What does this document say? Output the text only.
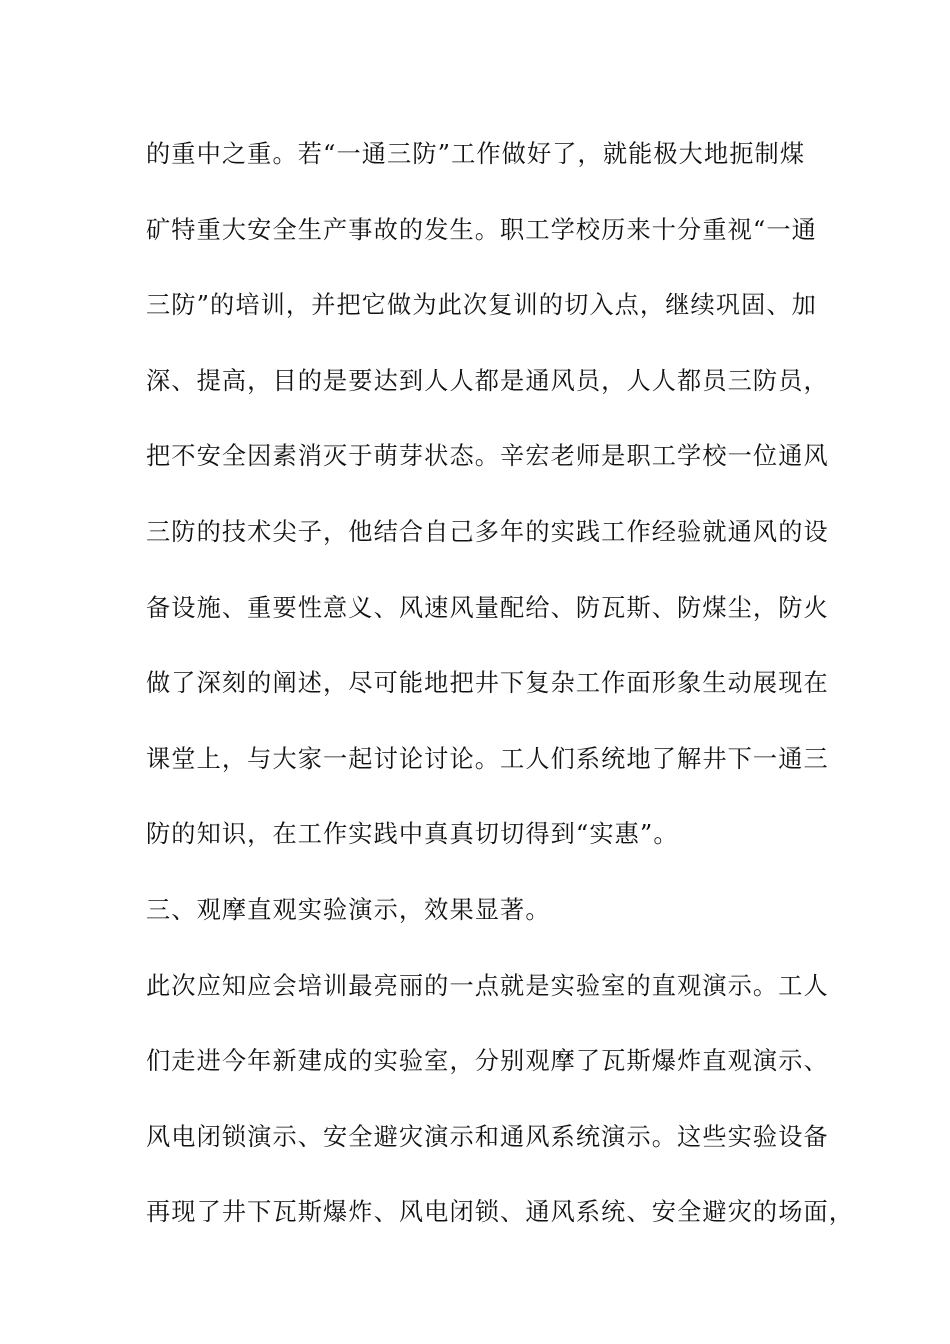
的重中之重。若“一通三防”工作做好了，就能极大地扼制煤
矿特重大安全生产事故的发生。职工学校历来十分重视“一通
三防”的培训，并把它做为此次复训的切入点，继续巩固、加
深、提高，目的是要达到人人都是通风员，人人都员三防员，
把不安全因素消灭于萌芽状态。辛宏老师是职工学校一位通风
三防的技术尖子，他结合自己多年的实践工作经验就通风的设
备设施、重要性意义、风速风量配给、防瓦斯、防煤尘，防火
做了深刻的阐述，尽可能地把井下复杂工作面形象生动展现在
课堂上，与大家一起讨论讨论。工人们系统地了解井下一通三
防的知识，在工作实践中真真切切得到“实惠”。
三、观摩直观实验演示，效果显著。
此次应知应会培训最亮丽的一点就是实验室的直观演示。工人
们走进今年新建成的实验室，分别观摩了瓦斯爆炸直观演示、
风电闭锁演示、安全避灾演示和通风系统演示。这些实验设备
再现了井下瓦斯爆炸、风电闭锁、通风系统、安全避灾的场面，
